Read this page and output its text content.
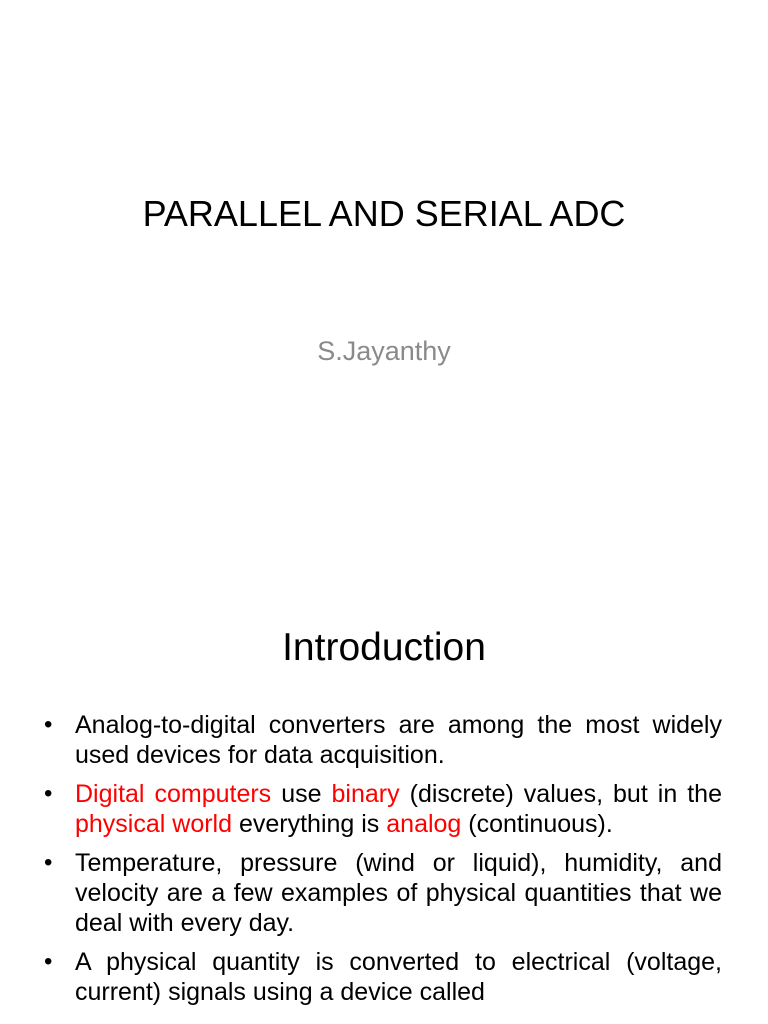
PARALLEL AND SERIAL ADC
S.Jayanthy
Introduction
• Analog-to-digital converters are among the most widely used devices for data acquisition.
• Digital computers use binary (discrete) values, but in the physical world everything is analog (continuous).
• Temperature, pressure (wind or liquid), humidity, and velocity are a few examples of physical quantities that we deal with every day.
• A physical quantity is converted to electrical (voltage, current) signals using a device called
